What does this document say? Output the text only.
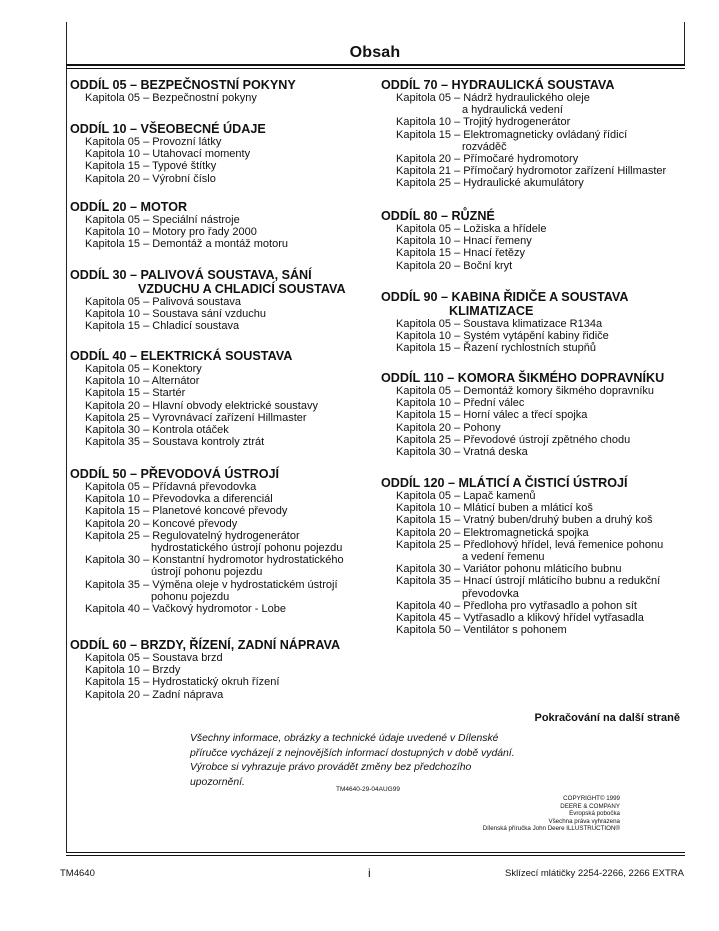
Obsah
ODDÍL 05 – BEZPEČNOSTNÍ POKYNY
Kapitola 05 – Bezpečnostní pokyny
ODDÍL 10 – VŠEOBECNÉ ÚDAJE
Kapitola 05 – Provozní látky
Kapitola 10 – Utahovací momenty
Kapitola 15 – Typové štítky
Kapitola 20 – Výrobní číslo
ODDÍL 20 – MOTOR
Kapitola 05 – Speciální nástroje
Kapitola 10 – Motory pro řady 2000
Kapitola 15 – Demontáž a montáž motoru
ODDÍL 30 – PALIVOVÁ SOUSTAVA, SÁNÍ
VZDUCHU A CHLADICÍ SOUSTAVA
Kapitola 05 – Palivová soustava
Kapitola 10 – Soustava sání vzduchu
Kapitola 15 – Chladicí soustava
ODDÍL 40 – ELEKTRICKÁ SOUSTAVA
Kapitola 05 – Konektory
Kapitola 10 – Alternátor
Kapitola 15 – Startér
Kapitola 20 – Hlavní obvody elektrické soustavy
Kapitola 25 – Vyrovnávací zařízení Hillmaster
Kapitola 30 – Kontrola otáček
Kapitola 35 – Soustava kontroly ztrát
ODDÍL 50 – PŘEVODOVÁ ÚSTROJÍ
Kapitola 05 – Přídavná převodovka
Kapitola 10 – Převodovka a diferenciál
Kapitola 15 – Planetové koncové převody
Kapitola 20 – Koncové převody
Kapitola 25 – Regulovatelný hydrogenerátor
hydrostatického ústrojí pohonu pojezdu
Kapitola 30 – Konstantní hydromotor hydrostatického
ústrojí pohonu pojezdu
Kapitola 35 – Výměna oleje v hydrostatickém ústrojí
pohonu pojezdu
Kapitola 40 – Vačkový hydromotor - Lobe
ODDÍL 60 – BRZDY, ŘÍZENÍ, ZADNÍ NÁPRAVA
Kapitola 05 – Soustava brzd
Kapitola 10 – Brzdy
Kapitola 15 – Hydrostatický okruh řízení
Kapitola 20 – Zadní náprava
ODDÍL 70 – HYDRAULICKÁ SOUSTAVA
Kapitola 05 – Nádrž hydraulického oleje
a hydraulická vedení
Kapitola 10 – Trojitý hydrogenerátor
Kapitola 15 – Elektromagneticky ovládaný řídicí
rozváděč
Kapitola 20 – Přímočaré hydromotory
Kapitola 21 – Přímočarý hydromotor zařízení Hillmaster
Kapitola 25 – Hydraulické akumulátory
ODDÍL 80 – RŮZNÉ
Kapitola 05 – Ložiska a hřídele
Kapitola 10 – Hnací řemeny
Kapitola 15 – Hnací řetězy
Kapitola 20 – Boční kryt
ODDÍL 90 – KABINA ŘIDIČE A SOUSTAVA
KLIMATIZACE
Kapitola 05 – Soustava klimatizace R134a
Kapitola 10 – Systém vytápění kabiny řidiče
Kapitola 15 – Řazení rychlostních stupňů
ODDÍL 110 – KOMORA ŠIKMÉHO DOPRAVNÍKU
Kapitola 05 – Demontáž komory šikmého dopravníku
Kapitola 10 – Přední válec
Kapitola 15 – Horní válec a třecí spojka
Kapitola 20 – Pohony
Kapitola 25 – Převodové ústrojí zpětného chodu
Kapitola 30 – Vratná deska
ODDÍL 120 – MLÁTICÍ A ČISTICÍ ÚSTROJÍ
Kapitola 05 – Lapač kamenů
Kapitola 10 – Mláticí buben a mláticí koš
Kapitola 15 – Vratný buben/druhý buben a druhý koš
Kapitola 20 – Elektromagnetická spojka
Kapitola 25 – Předlohový hřídel, levá řemenice pohonu
a vedení řemenu
Kapitola 30 – Variátor pohonu mláticího bubnu
Kapitola 35 – Hnací ústrojí mláticího bubnu a redukční
převodovka
Kapitola 40 – Předloha pro vytřasadlo a pohon sít
Kapitola 45 – Vytřasadlo a klikový hřídel vytřasadla
Kapitola 50 – Ventilátor s pohonem
Pokračování na další straně
Všechny informace, obrázky a technické údaje uvedené v Dílenské
příručce vycházejí z nejnovějších informací dostupných v době vydání.
Výrobce si vyhrazuje právo provádět změny bez předchozího
upozornění.
TM4640-29-04AUG99
COPYRIGHT© 1999
DEERE & COMPANY
Evropská pobočka
Všechna práva vyhrazena
Dílenská příručka John Deere ILLUSTRUCTION®
TM4640	i	Sklízecí mlátičky 2254-2266, 2266 EXTRA
